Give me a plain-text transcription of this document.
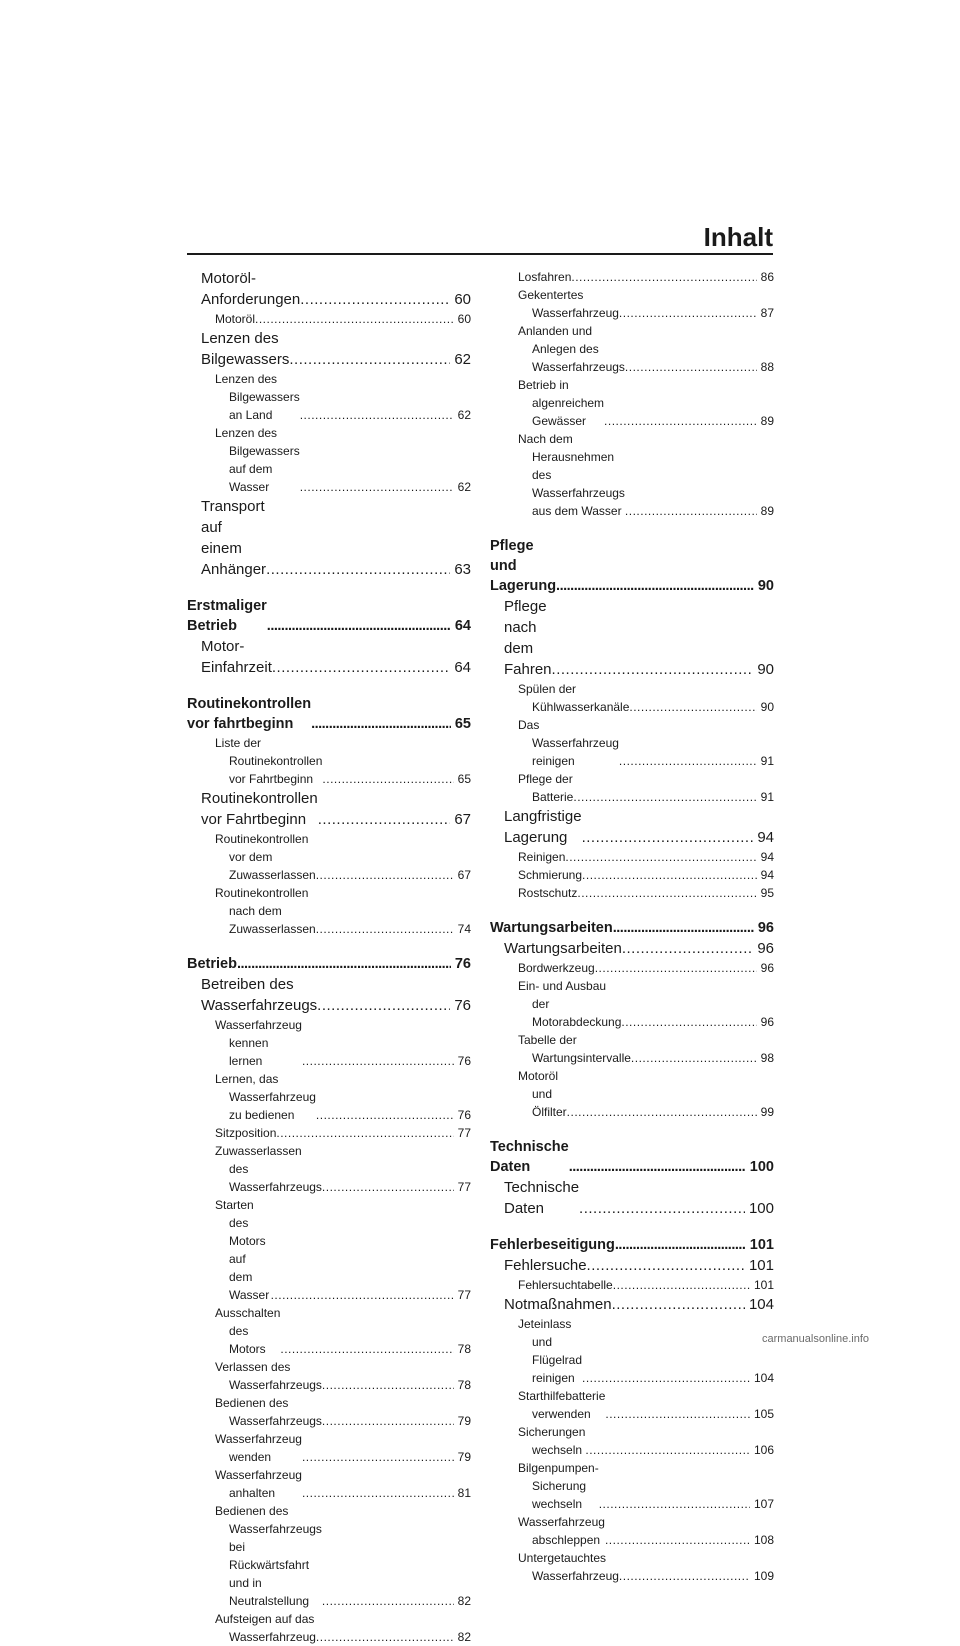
Inhalt
Motoröl-Anforderungen .....	60
Motoröl .....	60
Lenzen des Bilgewassers .....	62
Lenzen des Bilgewassers an Land .....	62
Lenzen des Bilgewassers auf dem Wasser .....	62
Transport auf einem Anhänger .....	63
Erstmaliger Betrieb .....	64
Motor-Einfahrzeit .....	64
Routinekontrollen vor fahrtbeginn .....	65
Liste der Routinekontrollen vor Fahrtbeginn .....	65
Routinekontrollen vor Fahrtbeginn .....	67
Routinekontrollen vor dem Zuwasserlassen .....	67
Routinekontrollen nach dem Zuwasserlassen .....	74
Betrieb .....	76
Betreiben des Wasserfahrzeugs .....	76
Wasserfahrzeug kennen lernen .....	76
Lernen, das Wasserfahrzeug zu bedienen .....	76
Sitzposition .....	77
Zuwasserlassen des Wasserfahrzeugs .....	77
Starten des Motors auf dem Wasser .....	77
Ausschalten des Motors .....	78
Verlassen des Wasserfahrzeugs .....	78
Bedienen des Wasserfahrzeugs .....	79
Wasserfahrzeug wenden .....	79
Wasserfahrzeug anhalten .....	81
Bedienen des Wasserfahrzeugs bei Rückwärtsfahrt und in Neutralstellung .....	82
Aufsteigen auf das Wasserfahrzeug .....	82
Losfahren .....	86
Gekentertes Wasserfahrzeug .....	87
Anlanden und Anlegen des Wasserfahrzeugs .....	88
Betrieb in algenreichem Gewässer .....	89
Nach dem Herausnehmen des Wasserfahrzeugs aus dem Wasser .....	89
Pflege und Lagerung .....	90
Pflege nach dem Fahren .....	90
Spülen der Kühlwasserkanäle .....	90
Das Wasserfahrzeug reinigen .....	91
Pflege der Batterie .....	91
Langfristige Lagerung .....	94
Reinigen .....	94
Schmierung .....	94
Rostschutz .....	95
Wartungsarbeiten .....	96
Wartungsarbeiten .....	96
Bordwerkzeug .....	96
Ein- und Ausbau der Motorabdeckung .....	96
Tabelle der Wartungsintervalle .....	98
Motoröl und Ölfilter .....	99
Technische Daten .....	100
Technische Daten .....	100
Fehlerbeseitigung .....	101
Fehlersuche .....	101
Fehlersuchtabelle .....	101
Notmaßnahmen .....	104
Jeteinlass und Flügelrad reinigen .....	104
Starthilfebatterie verwenden .....	105
Sicherungen wechseln .....	106
Bilgenpumpen-Sicherung wechseln .....	107
Wasserfahrzeug abschleppen .....	108
Untergetauchtes Wasserfahrzeug .....	109
carmanualsonline.info
